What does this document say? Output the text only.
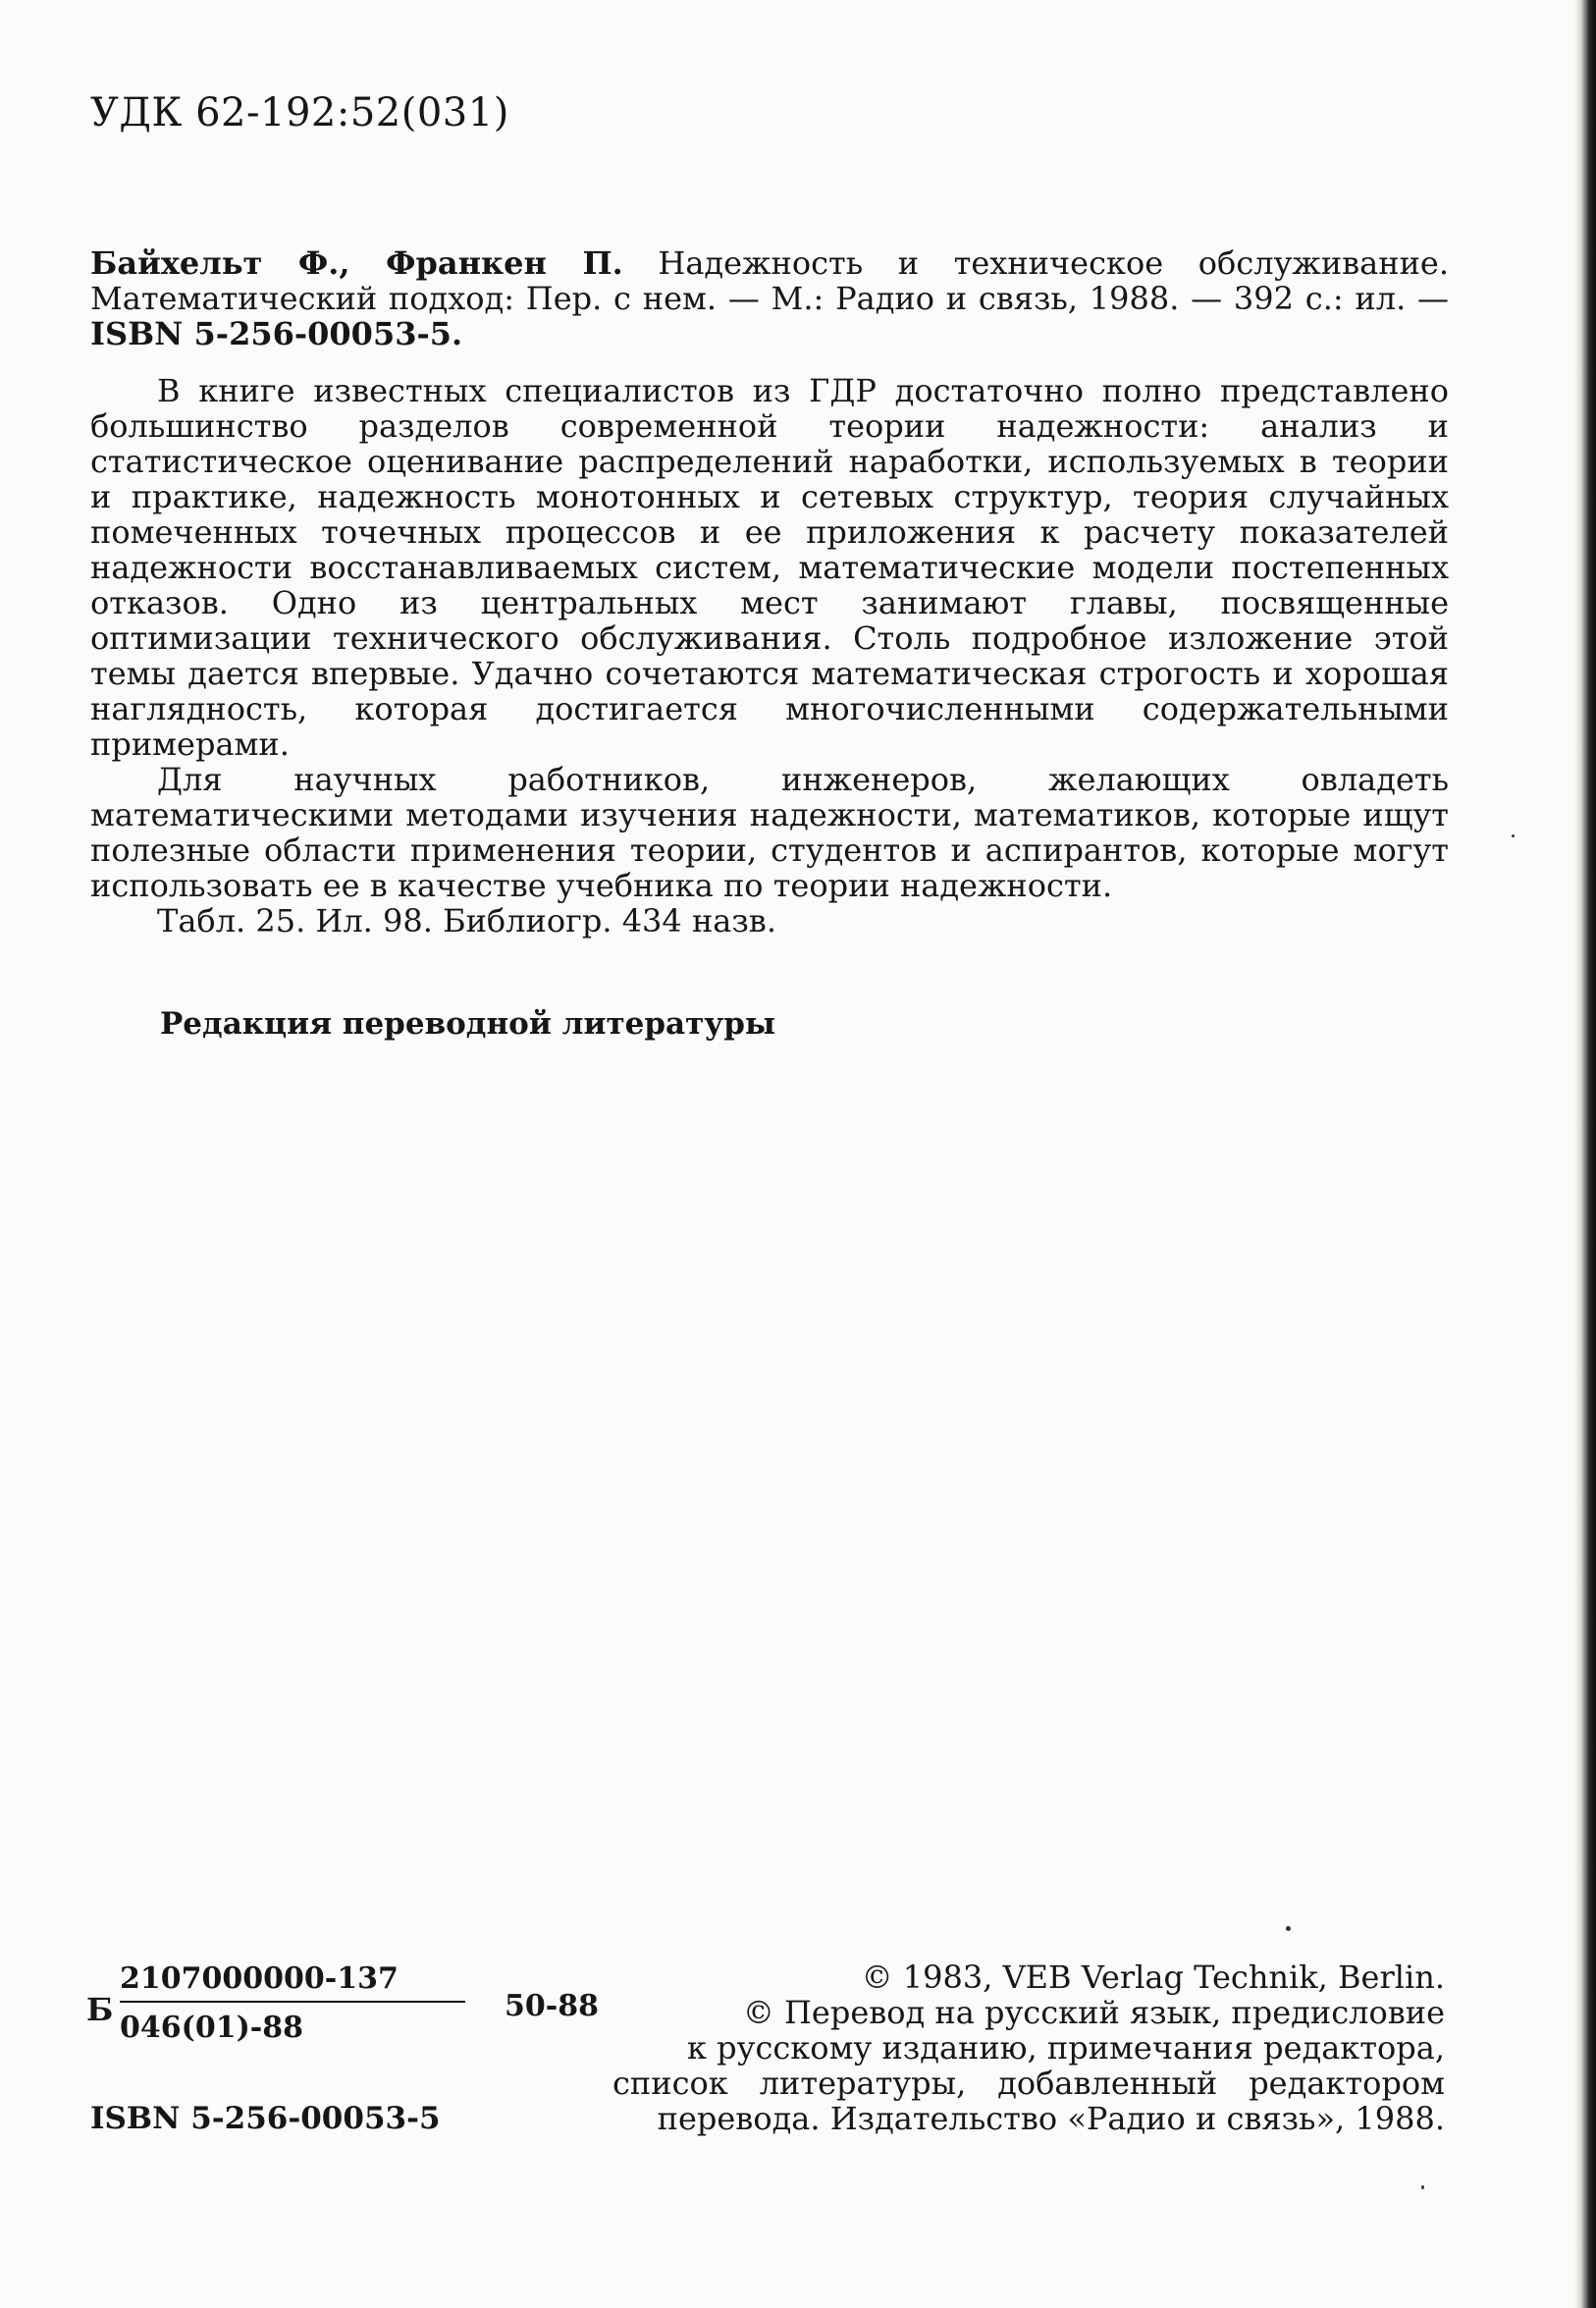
УДК 62-192:52(031)
Байхельт Ф., Франкен П. Надежность и техническое обслуживание. Математический подход: Пер. с нем. — М.: Радио и связь, 1988. — 392 с.: ил. — ISBN 5-256-00053-5.

В книге известных специалистов из ГДР достаточно полно представлено большинство разделов современной теории надежности: анализ и статистическое оценивание распределений наработки, используемых в теории и практике, надежность монотонных и сетевых структур, теория случайных помеченных точечных процессов и ее приложения к расчету показателей надежности восстанавливаемых систем, математические модели постепенных отказов. Одно из центральных мест занимают главы, посвященные оптимизации технического обслуживания. Столь подробное изложение этой темы дается впервые. Удачно сочетаются математическая строгость и хорошая наглядность, которая достигается многочисленными содержательными примерами.

Для научных работников, инженеров, желающих овладеть математическими методами изучения надежности, математиков, которые ищут полезные области применения теории, студентов и аспирантов, которые могут использовать ее в качестве учебника по теории надежности.

Табл. 25. Ил. 98. Библиогр. 434 назв.

Редакция переводной литературы
Б
2107000000-137
046(01)-88
50-88
ISBN 5-256-00053-5
© 1983, VEB Verlag Technik, Berlin.
© Перевод на русский язык, предисловие
к русскому изданию, примечания редактора,
список литературы, добавленный редактором
перевода. Издательство «Радио и связь», 1988.
